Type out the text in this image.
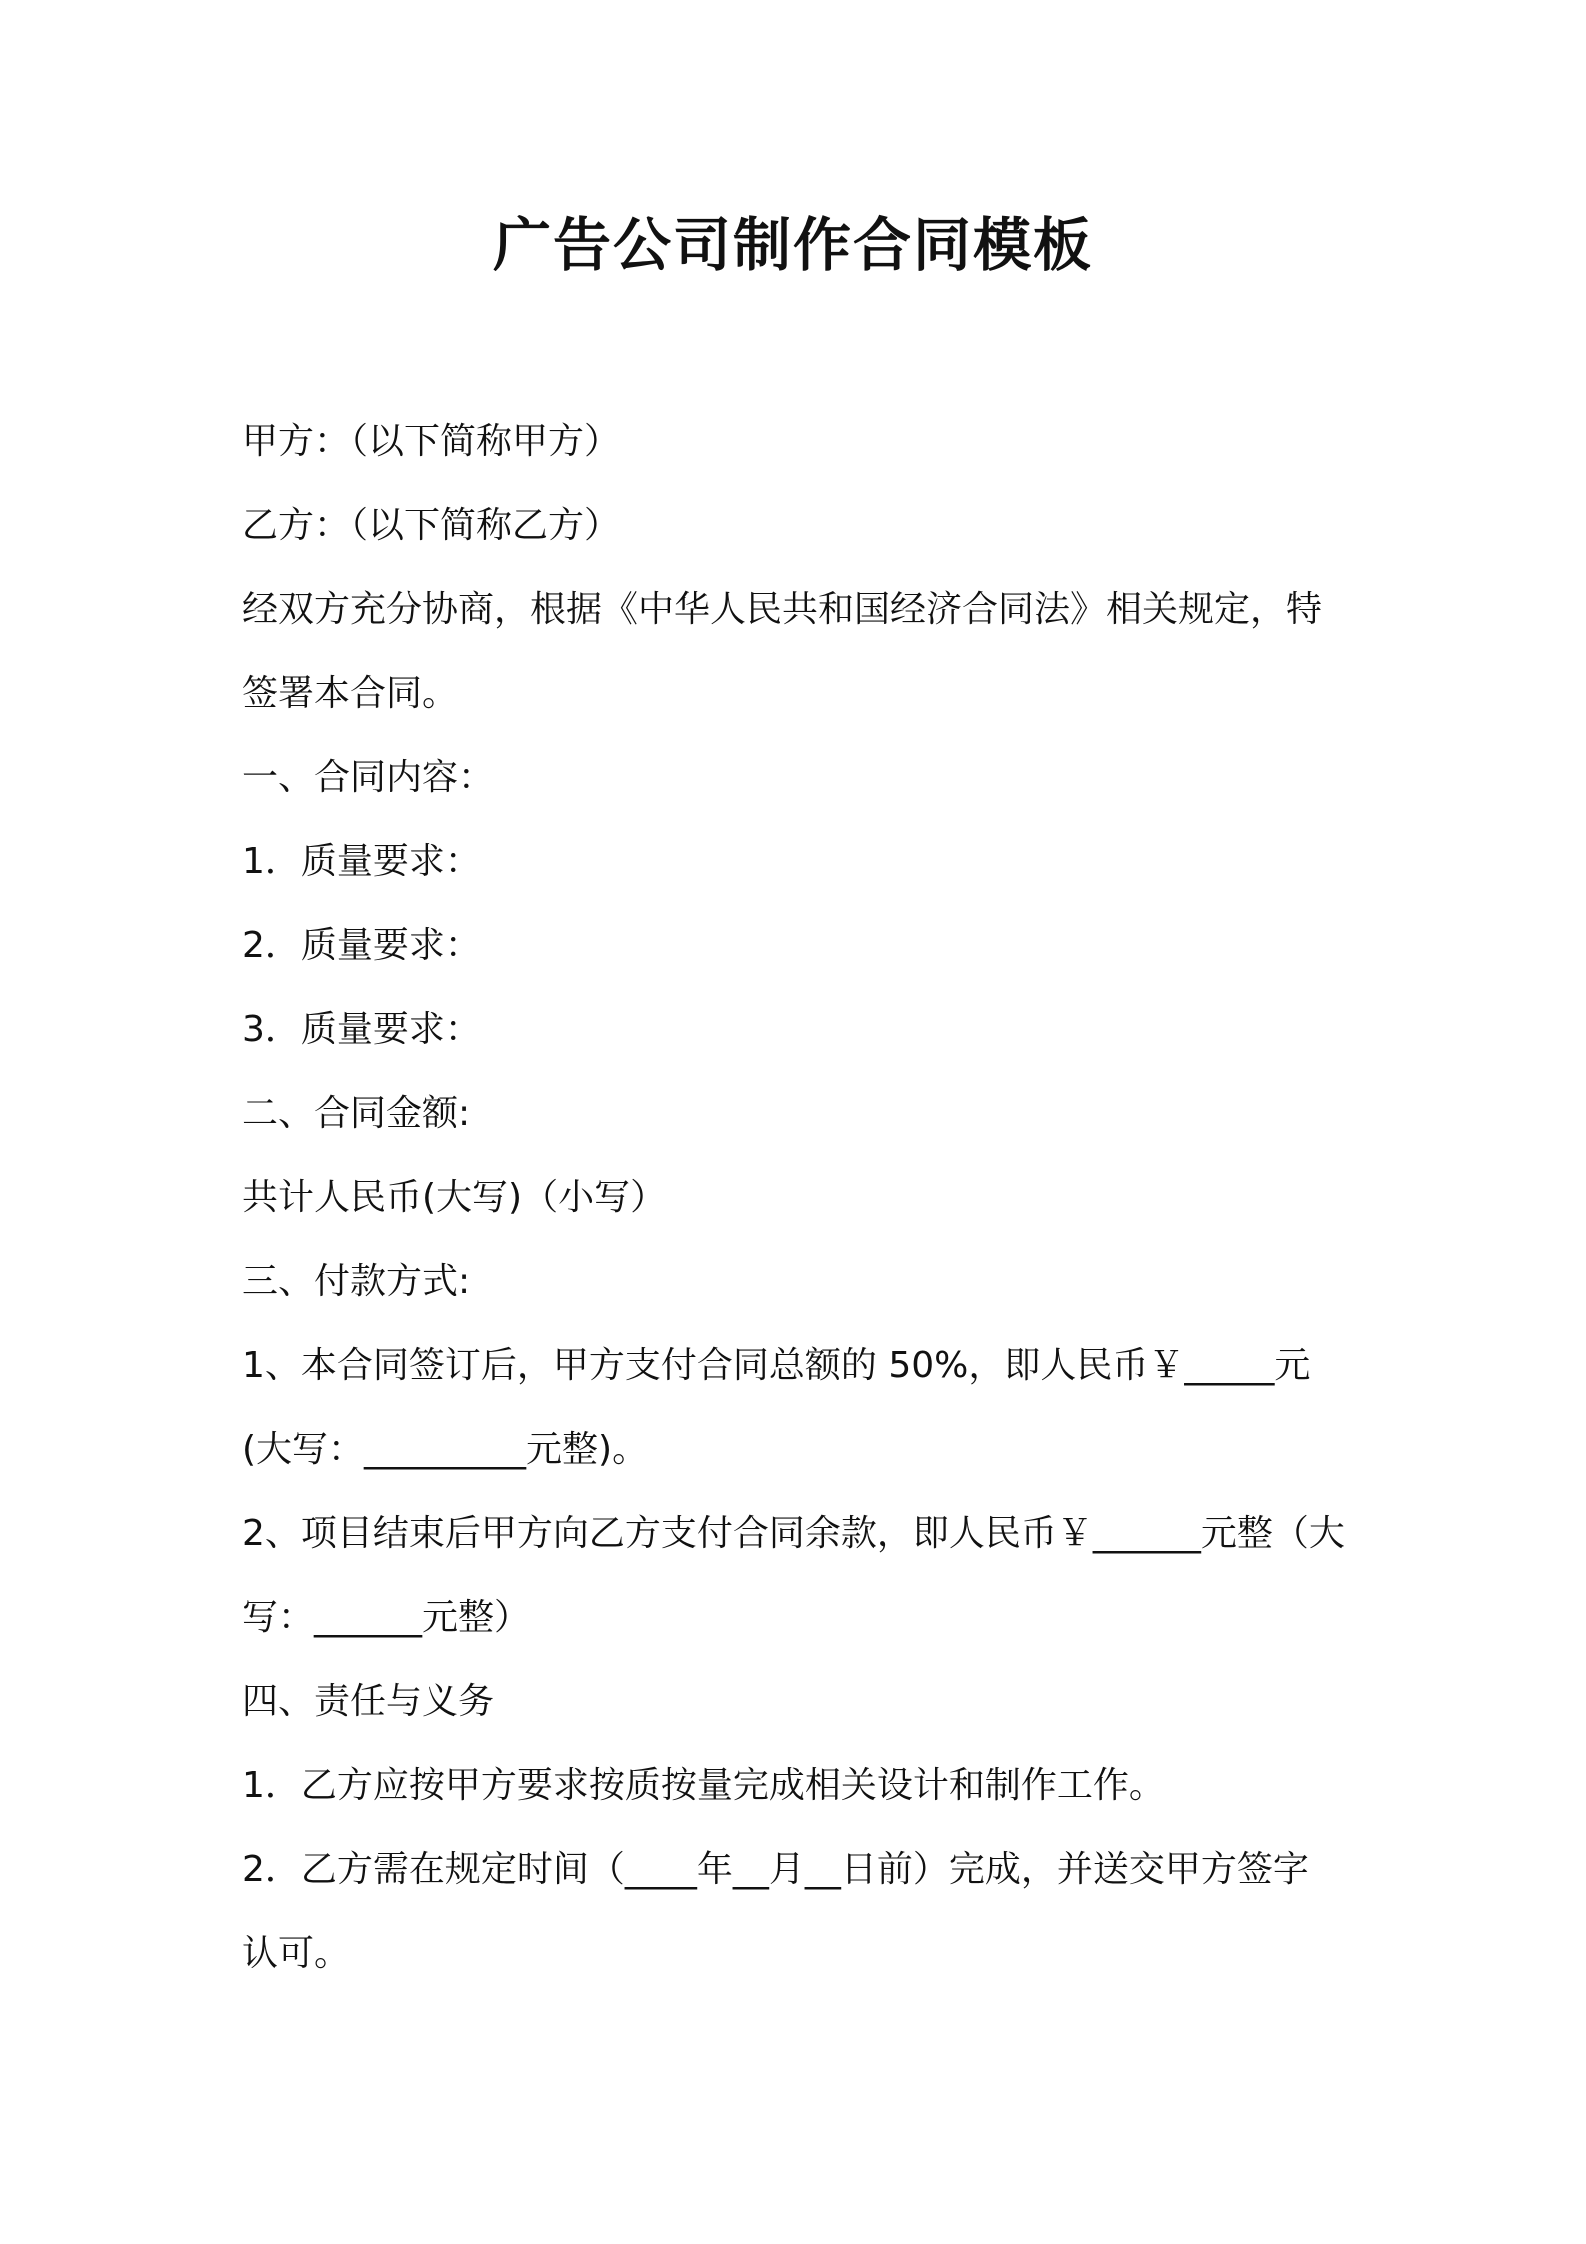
广告公司制作合同模板
甲方：（以下简称甲方）
乙方：（以下简称乙方）
经双方充分协商，根据《中华人民共和国经济合同法》相关规定，特
签署本合同。
一、合同内容：
1．质量要求：
2．质量要求：
3．质量要求：
二、合同金额:
共计人民币(大写)（小写）
三、付款方式:
1、本合同签订后，甲方支付合同总额的 50%，即人民币￥_____元
(大写：_________元整)。
2、项目结束后甲方向乙方支付合同余款，即人民币￥______元整（大
写：______元整）
四、责任与义务
1．乙方应按甲方要求按质按量完成相关设计和制作工作。
2．乙方需在规定时间（____年__月__日前）完成，并送交甲方签字
认可。
